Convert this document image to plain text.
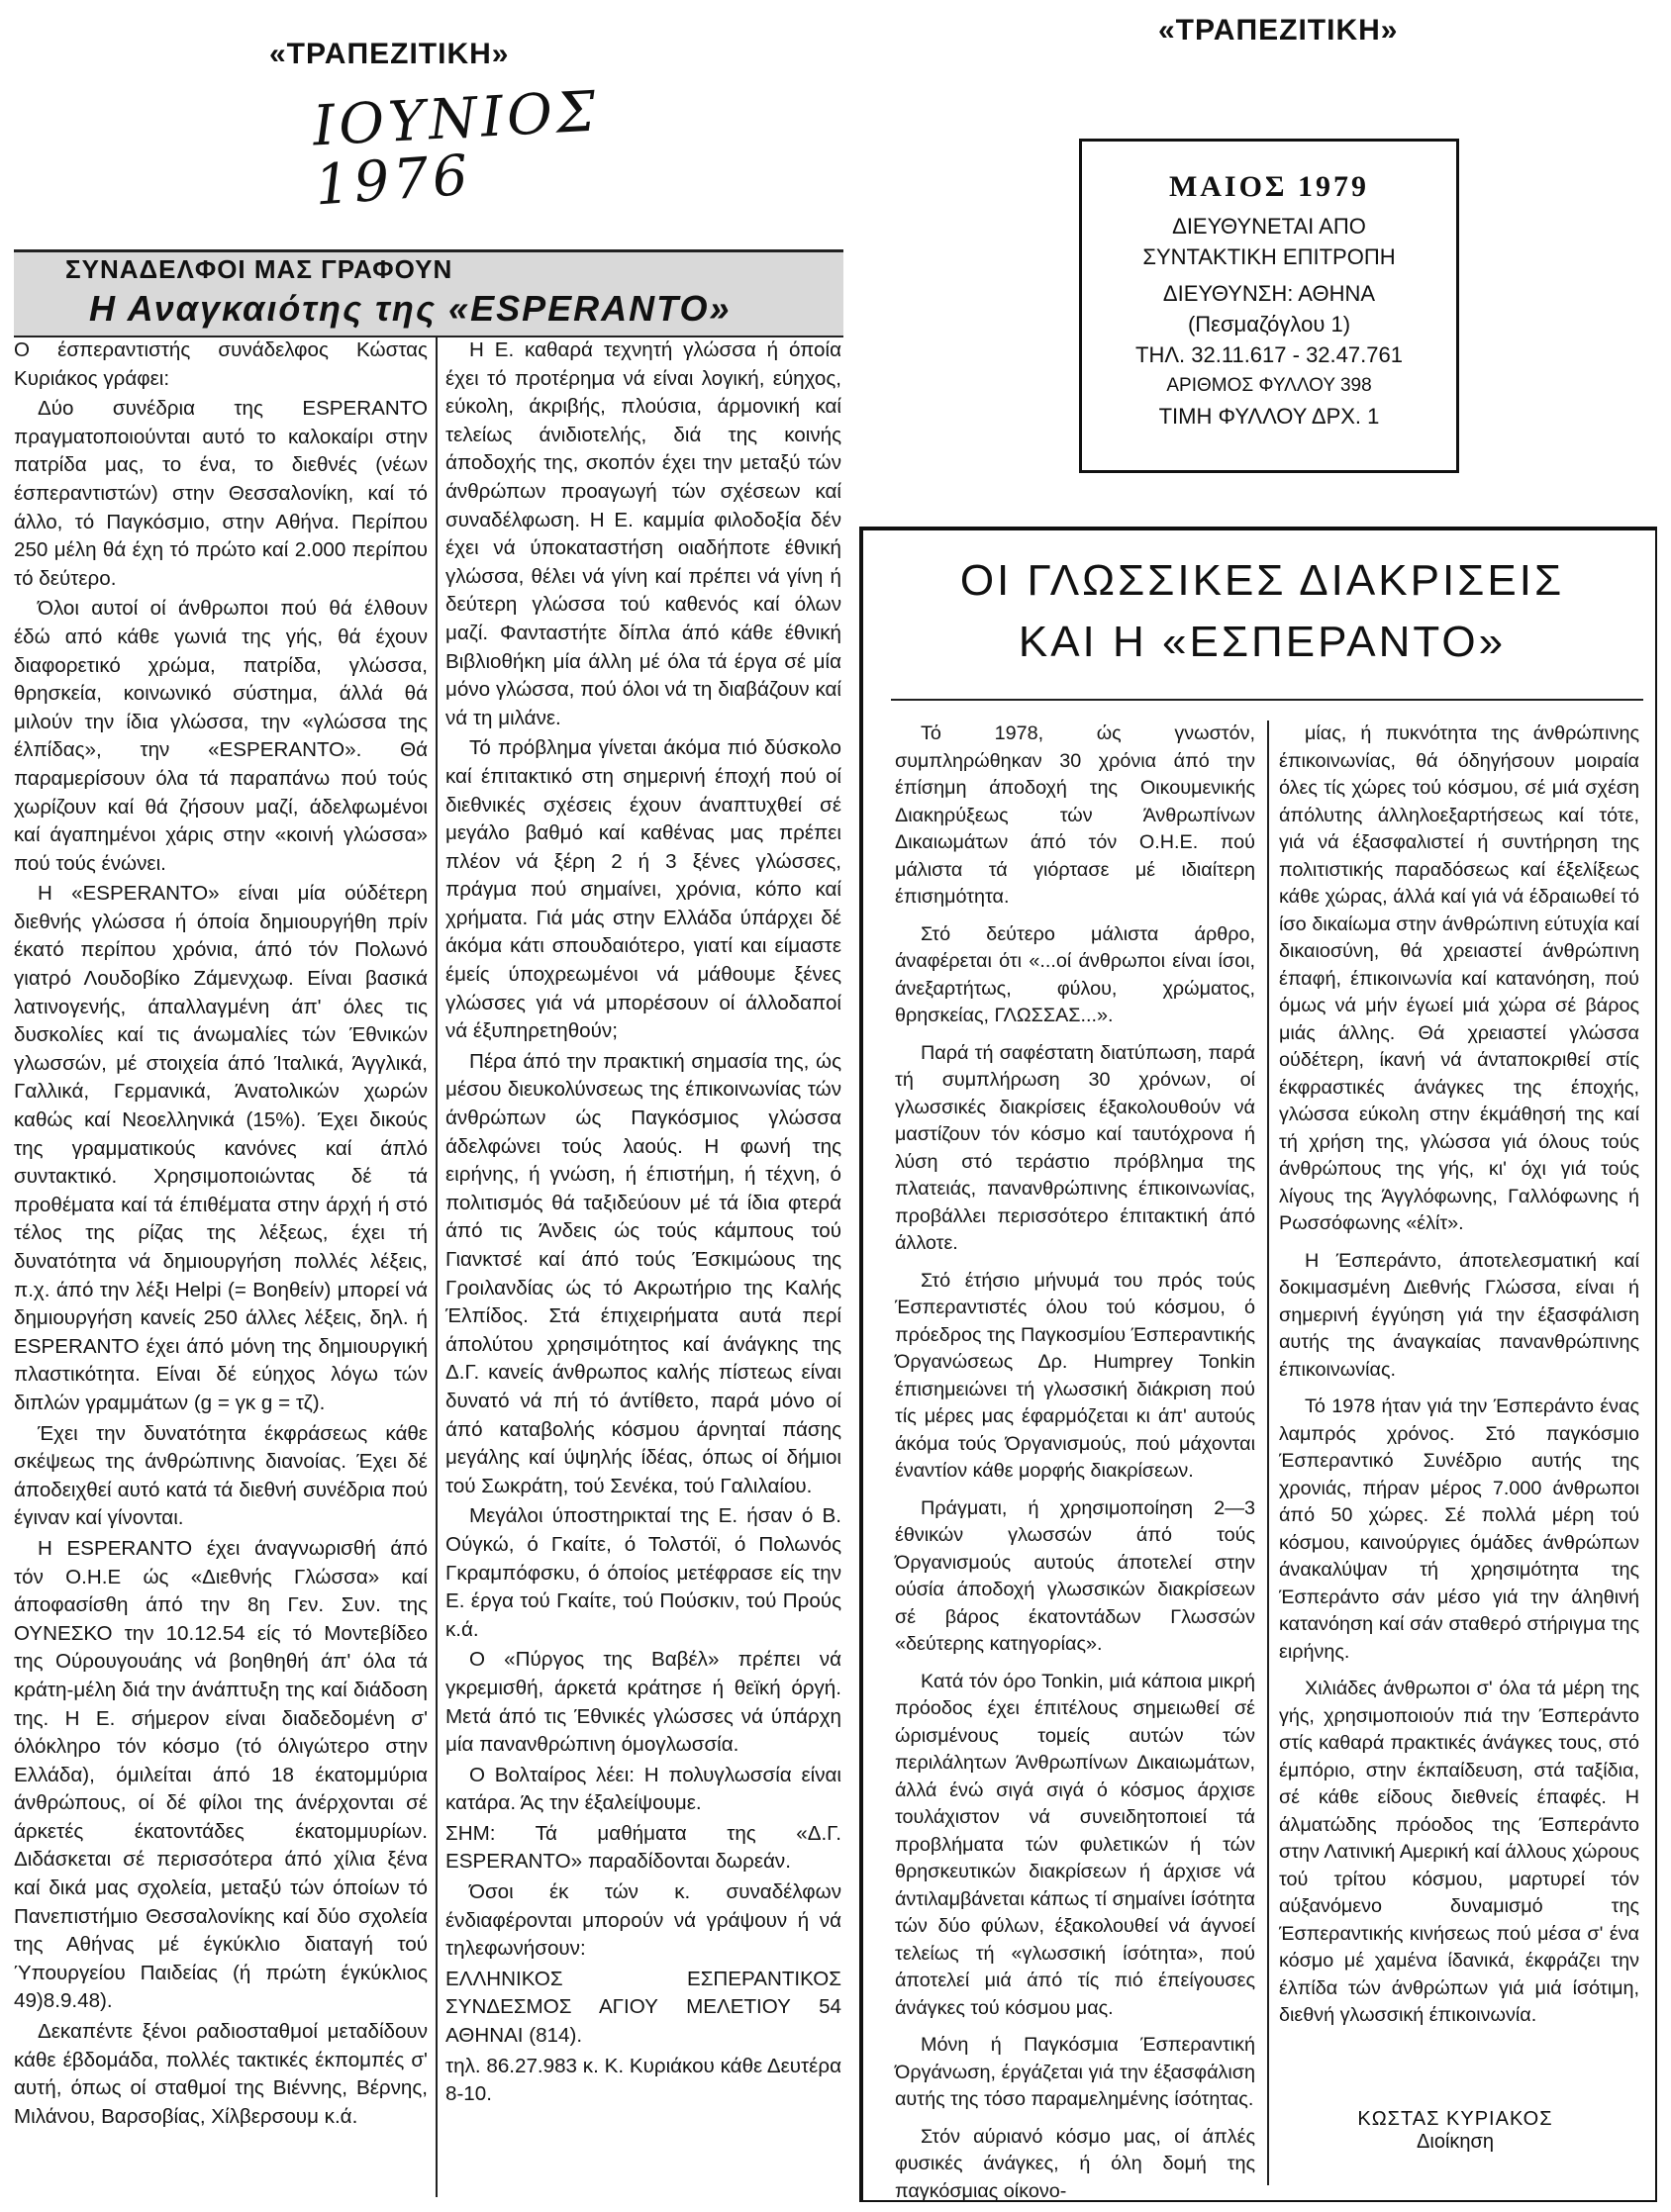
«ΤΡΑΠΕΖΙΤΙΚΗ»
ΙΟΥΝΙΟΣ
1976
ΣΥΝΑΔΕΛΦΟΙ ΜΑΣ ΓΡΑΦΟΥΝ
Η Αναγκαιότης της «ESPERANTO»

Ο έσπεραντιστής συνάδελφος Κώστας Κυριάκος γράφει:

Δύο συνέδρια της ESPERANTO πραγματοποιούνται αυτό το καλοκαίρι στην πατρίδα μας, το ένα, το διεθνές (νέων έσπεραντιστών) στην Θεσσαλονίκη, καί τό άλλο, τό Παγκόσμιο, στην Αθήνα. Περίπου 250 μέλη θά έχη τό πρώτο καί 2.000 περίπου τό δεύτερο.

Όλοι αυτοί οί άνθρωποι πού θά έλθουν έδώ από κάθε γωνιά της γής, θά έχουν διαφορετικό χρώμα, πατρίδα, γλώσσα, θρησκεία, κοινωνικό σύστημα, άλλά θά μιλούν την ίδια γλώσσα, την «γλώσσα της έλπίδας», την «ESPERANTO». Θά παραμερίσουν όλα τά παραπάνω πού τούς χωρίζουν καί θά ζήσουν μαζί, άδελφωμένοι καί άγαπημένοι χάρις στην «κοινή γλώσσα» πού τούς ένώνει.

Η «ESPERANTO» είναι μία ούδέτερη διεθνής γλώσσα ή όποία δημιουργήθη πρίν έκατό περίπου χρόνια, άπό τόν Πολωνό γιατρό Λουδοβίκο Ζάμενχωφ. Είναι βασικά λατινογενής, άπαλλαγμένη άπ' όλες τις δυσκολίες καί τις άνωμαλίες τών Έθνικών γλωσσών, μέ στοιχεία άπό Ίταλικά, Άγγλικά, Γαλλικά, Γερμανικά, Άνατολικών χωρών καθώς καί Νεοελληνικά (15%). Έχει δικούς της γραμματικούς κανόνες καί άπλό συντακτικό. Χρησιμοποιώντας δέ τά προθέματα καί τά έπιθέματα στην άρχή ή στό τέλος της ρίζας της λέξεως, έχει τή δυνατότητα νά δημιουργήση πολλές λέξεις, π.χ. άπό την λέξι Helpi (= Βοηθείν) μπορεί νά δημιουργήση κανείς 250 άλλες λέξεις, δηλ. ή ESPERANTO έχει άπό μόνη της δημιουργική πλαστικότητα. Είναι δέ εύηχος λόγω τών διπλών γραμμάτων (g = γκ g = τζ).

Έχει την δυνατότητα έκφράσεως κάθε σκέψεως της άνθρώπινης διανοίας. Έχει δέ άποδειχθεί αυτό κατά τά διεθνή συνέδρια πού έγιναν καί γίνονται.

Η ESPERANTO έχει άναγνωρισθή άπό τόν Ο.Η.Ε ώς «Διεθνής Γλώσσα» καί άποφασίσθη άπό την 8η Γεν. Συν. της ΟΥΝΕΣΚΟ την 10.12.54 είς τό Μοντεβίδεο της Ούρουγουάης νά βοηθηθή άπ' όλα τά κράτη-μέλη διά την άνάπτυξη της καί διάδοση της. Η Ε. σήμερον είναι διαδεδομένη σ' όλόκληρο τόν κόσμο (τό όλιγώτερο στην Ελλάδα), όμιλείται άπό 18 έκατομμύρια άνθρώπους, οί δέ φίλοι της άνέρχονται σέ άρκετές έκατοντάδες έκατομμυρίων. Διδάσκεται σέ περισσότερα άπό χίλια ξένα καί δικά μας σχολεία, μεταξύ τών όποίων τό Πανεπιστήμιο Θεσσαλονίκης καί δύο σχολεία της Αθήνας μέ έγκύκλιο διαταγή τού Ύπουργείου Παιδείας (ή πρώτη έγκύκλιος 49)8.9.48).

Δεκαπέντε ξένοι ραδιοσταθμοί μεταδίδουν κάθε έβδομάδα, πολλές τακτικές έκπομπές σ' αυτή, όπως οί σταθμοί της Βιέννης, Βέρνης, Μιλάνου, Βαρσοβίας, Χίλβερσουμ κ.ά.

Η Ε. καθαρά τεχνητή γλώσσα ή όποία έχει τό προτέρημα νά είναι λογική, εύηχος, εύκολη, άκριβής, πλούσια, άρμονική καί τελείως άνιδιοτελής, διά της κοινής άποδοχής της, σκοπόν έχει την μεταξύ τών άνθρώπων προαγωγή τών σχέσεων καί συναδέλφωση. Η Ε. καμμία φιλοδοξία δέν έχει νά ύποκαταστήση οιαδήποτε έθνική γλώσσα, θέλει νά γίνη καί πρέπει νά γίνη ή δεύτερη γλώσσα τού καθενός καί όλων μαζί. Φανταστήτε δίπλα άπό κάθε έθνική Βιβλιοθήκη μία άλλη μέ όλα τά έργα σέ μία μόνο γλώσσα, πού όλοι νά τη διαβάζουν καί νά τη μιλάνε.

Τό πρόβλημα γίνεται άκόμα πιό δύσκολο καί έπιτακτικό στη σημερινή έποχή πού οί διεθνικές σχέσεις έχουν άναπτυχθεί σέ μεγάλο βαθμό καί καθένας μας πρέπει πλέον νά ξέρη 2 ή 3 ξένες γλώσσες, πράγμα πού σημαίνει, χρόνια, κόπο καί χρήματα. Γιά μάς στην Ελλάδα ύπάρχει δέ άκόμα κάτι σπουδαιότερο, γιατί και είμαστε έμείς ύποχρεωμένοι νά μάθουμε ξένες γλώσσες γιά νά μπορέσουν οί άλλοδαποί νά έξυπηρετηθούν;

Πέρα άπό την πρακτική σημασία της, ώς μέσου διευκολύνσεως της έπικοινωνίας τών άνθρώπων ώς Παγκόσμιος γλώσσα άδελφώνει τούς λαούς. Η φωνή της ειρήνης, ή γνώση, ή έπιστήμη, ή τέχνη, ό πολιτισμός θά ταξιδεύουν μέ τά ίδια φτερά άπό τις Άνδεις ώς τούς κάμπους τού Γιανκτσέ καί άπό τούς Έσκιμώους της Γροιλανδίας ώς τό Ακρωτήριο της Καλής Έλπίδος. Στά έπιχειρήματα αυτά περί άπολύτου χρησιμότητος καί άνάγκης της Δ.Γ. κανείς άνθρωπος καλής πίστεως είναι δυνατό νά πή τό άντίθετο, παρά μόνο οί άπό καταβολής κόσμου άρνηταί πάσης μεγάλης καί ύψηλής ίδέας, όπως οί δήμιοι τού Σωκράτη, τού Σενέκα, τού Γαλιλαίου.

Μεγάλοι ύποστηρικταί της Ε. ήσαν ό Β. Ούγκώ, ό Γκαίτε, ό Τολστόϊ, ό Πολωνός Γκραμπόφσκυ, ό όποίος μετέφρασε είς την Ε. έργα τού Γκαίτε, τού Πούσκιν, τού Προύς κ.ά.

Ο «Πύργος της Βαβέλ» πρέπει νά γκρεμισθή, άρκετά κράτησε ή θεϊκή όργή. Μετά άπό τις Έθνικές γλώσσες νά ύπάρχη μία πανανθρώπινη όμογλωσσία.

Ο Βολταίρος λέει: Η πολυγλωσσία είναι κατάρα. Άς την έξαλείψουμε.

ΣΗΜ: Τά μαθήματα της «Δ.Γ. ESPERANTO» παραδίδονται δωρεάν.

Όσοι έκ τών κ. συναδέλφων ένδιαφέρονται μπορούν νά γράψουν ή νά τηλεφωνήσουν:

ΕΛΛΗΝΙΚΟΣ ΕΣΠΕΡΑΝΤΙΚΟΣ ΣΥΝΔΕΣΜΟΣ ΑΓΙΟΥ ΜΕΛΕΤΙΟΥ 54 ΑΘΗΝΑΙ (814).

τηλ. 86.27.983 κ. Κ. Κυριάκου κάθε Δευτέρα 8-10.

«ΤΡΑΠΕΖΙΤΙΚΗ»
ΜΑΙΟΣ 1979
ΔΙΕΥΘΥΝΕΤΑΙ ΑΠΟ
ΣΥΝΤΑΚΤΙΚΗ ΕΠΙΤΡΟΠΗ
ΔΙΕΥΘΥΝΣΗ: ΑΘΗΝΑ
(Πεσμαζόγλου 1)
ΤΗΛ. 32.11.617 - 32.47.761
ΑΡΙΘΜΟΣ ΦΥΛΛΟΥ 398
ΤΙΜΗ ΦΥΛΛΟΥ ΔΡΧ. 1
ΟΙ ΓΛΩΣΣΙΚΕΣ ΔΙΑΚΡΙΣΕΙΣ
ΚΑΙ Η «ΕΣΠΕΡΑΝΤΟ»

Τό 1978, ώς γνωστόν, συμπληρώθηκαν 30 χρόνια άπό την έπίσημη άποδοχή της Οικουμενικής Διακηρύξεως τών Άνθρωπίνων Δικαιωμάτων άπό τόν Ο.Η.Ε. πού μάλιστα τά γιόρτασε μέ ιδιαίτερη έπισημότητα.

Στό δεύτερο μάλιστα άρθρο, άναφέρεται ότι «...οί άνθρωποι είναι ίσοι, άνεξαρτήτως, φύλου, χρώματος, θρησκείας, ΓΛΩΣΣΑΣ...».

Παρά τή σαφέστατη διατύπωση, παρά τή συμπλήρωση 30 χρόνων, οί γλωσσικές διακρίσεις έξακολουθούν νά μαστίζουν τόν κόσμο καί ταυτόχρονα ή λύση στό τεράστιο πρόβλημα της πλατειάς, πανανθρώπινης έπικοινωνίας, προβάλλει περισσότερο έπιτακτική άπό άλλοτε.

Στό έτήσιο μήνυμά του πρός τούς Έσπεραντιστές όλου τού κόσμου, ό πρόεδρος της Παγκοσμίου Έσπεραντικής Όργανώσεως Δρ. Humprey Tonkin έπισημειώνει τή γλωσσική διάκριση πού τίς μέρες μας έφαρμόζεται κι άπ' αυτούς άκόμα τούς Όργανισμούς, πού μάχονται έναντίον κάθε μορφής διακρίσεων.

Πράγματι, ή χρησιμοποίηση 2—3 έθνικών γλωσσών άπό τούς Όργανισμούς αυτούς άποτελεί στην ούσία άποδοχή γλωσσικών διακρίσεων σέ βάρος έκατοντάδων Γλωσσών «δεύτερης κατηγορίας».

Κατά τόν όρο Tonkin, μιά κάποια μικρή πρόοδος έχει έπιτέλους σημειωθεί σέ ώρισμένους τομείς αυτών τών περιλάλητων Άνθρωπίνων Δικαιωμάτων, άλλά ένώ σιγά σιγά ό κόσμος άρχισε τουλάχιστον νά συνειδητοποιεί τά προβλήματα τών φυλετικών ή τών θρησκευτικών διακρίσεων ή άρχισε νά άντιλαμβάνεται κάπως τί σημαίνει ίσότητα τών δύο φύλων, έξακολουθεί νά άγνοεί τελείως τή «γλωσσική ίσότητα», πού άποτελεί μιά άπό τίς πιό έπείγουσες άνάγκες τού κόσμου μας.

Μόνη ή Παγκόσμια Έσπεραντική Όργάνωση, έργάζεται γιά την έξασφάλιση αυτής της τόσο παραμελημένης ίσότητας.

Στόν αύριανό κόσμο μας, οί άπλές φυσικές άνάγκες, ή όλη δομή της παγκόσμιας οίκονο-

μίας, ή πυκνότητα της άνθρώπινης έπικοινωνίας, θά όδηγήσουν μοιραία όλες τίς χώρες τού κόσμου, σέ μιά σχέση άπόλυτης άλληλοεξαρτήσεως καί τότε, γιά νά έξασφαλιστεί ή συντήρηση της πολιτιστικής παραδόσεως καί έξελίξεως κάθε χώρας, άλλά καί γιά νά έδραιωθεί τό ίσο δικαίωμα στην άνθρώπινη εύτυχία καί δικαιοσύνη, θά χρειαστεί άνθρώπινη έπαφή, έπικοινωνία καί κατανόηση, πού όμως νά μήν έγωεί μιά χώρα σέ βάρος μιάς άλλης. Θά χρειαστεί γλώσσα ούδέτερη, ίκανή νά άνταποκριθεί στίς έκφραστικές άνάγκες της έποχής, γλώσσα εύκολη στην έκμάθησή της καί τή χρήση της, γλώσσα γιά όλους τούς άνθρώπους της γής, κι' όχι γιά τούς λίγους της Άγγλόφωνης, Γαλλόφωνης ή Ρωσσόφωνης «έλίτ».

Η Έσπεράντο, άποτελεσματική καί δοκιμασμένη Διεθνής Γλώσσα, είναι ή σημερινή έγγύηση γιά την έξασφάλιση αυτής της άναγκαίας πανανθρώπινης έπικοινωνίας.

Τό 1978 ήταν γιά την Έσπεράντο ένας λαμπρός χρόνος. Στό παγκόσμιο Έσπεραντικό Συνέδριο αυτής της χρονιάς, πήραν μέρος 7.000 άνθρωποι άπό 50 χώρες. Σέ πολλά μέρη τού κόσμου, καινούργιες όμάδες άνθρώπων άνακαλύψαν τή χρησιμότητα της Έσπεράντο σάν μέσο γιά την άληθινή κατανόηση καί σάν σταθερό στήριγμα της ειρήνης.

Χιλιάδες άνθρωποι σ' όλα τά μέρη της γής, χρησιμοποιούν πιά την Έσπεράντο στίς καθαρά πρακτικές άνάγκες τους, στό έμπόριο, στην έκπαίδευση, στά ταξίδια, σέ κάθε είδους διεθνείς έπαφές. Η άλματώδης πρόοδος της Έσπεράντο στην Λατινική Αμερική καί άλλους χώρους τού τρίτου κόσμου, μαρτυρεί τόν αύξανόμενο δυναμισμό της Έσπεραντικής κινήσεως πού μέσα σ' ένα κόσμο μέ χαμένα ίδανικά, έκφράζει την έλπίδα τών άνθρώπων γιά μιά ίσότιμη, διεθνή γλωσσική έπικοινωνία.

ΚΩΣΤΑΣ ΚΥΡΙΑΚΟΣ
Διοίκηση
